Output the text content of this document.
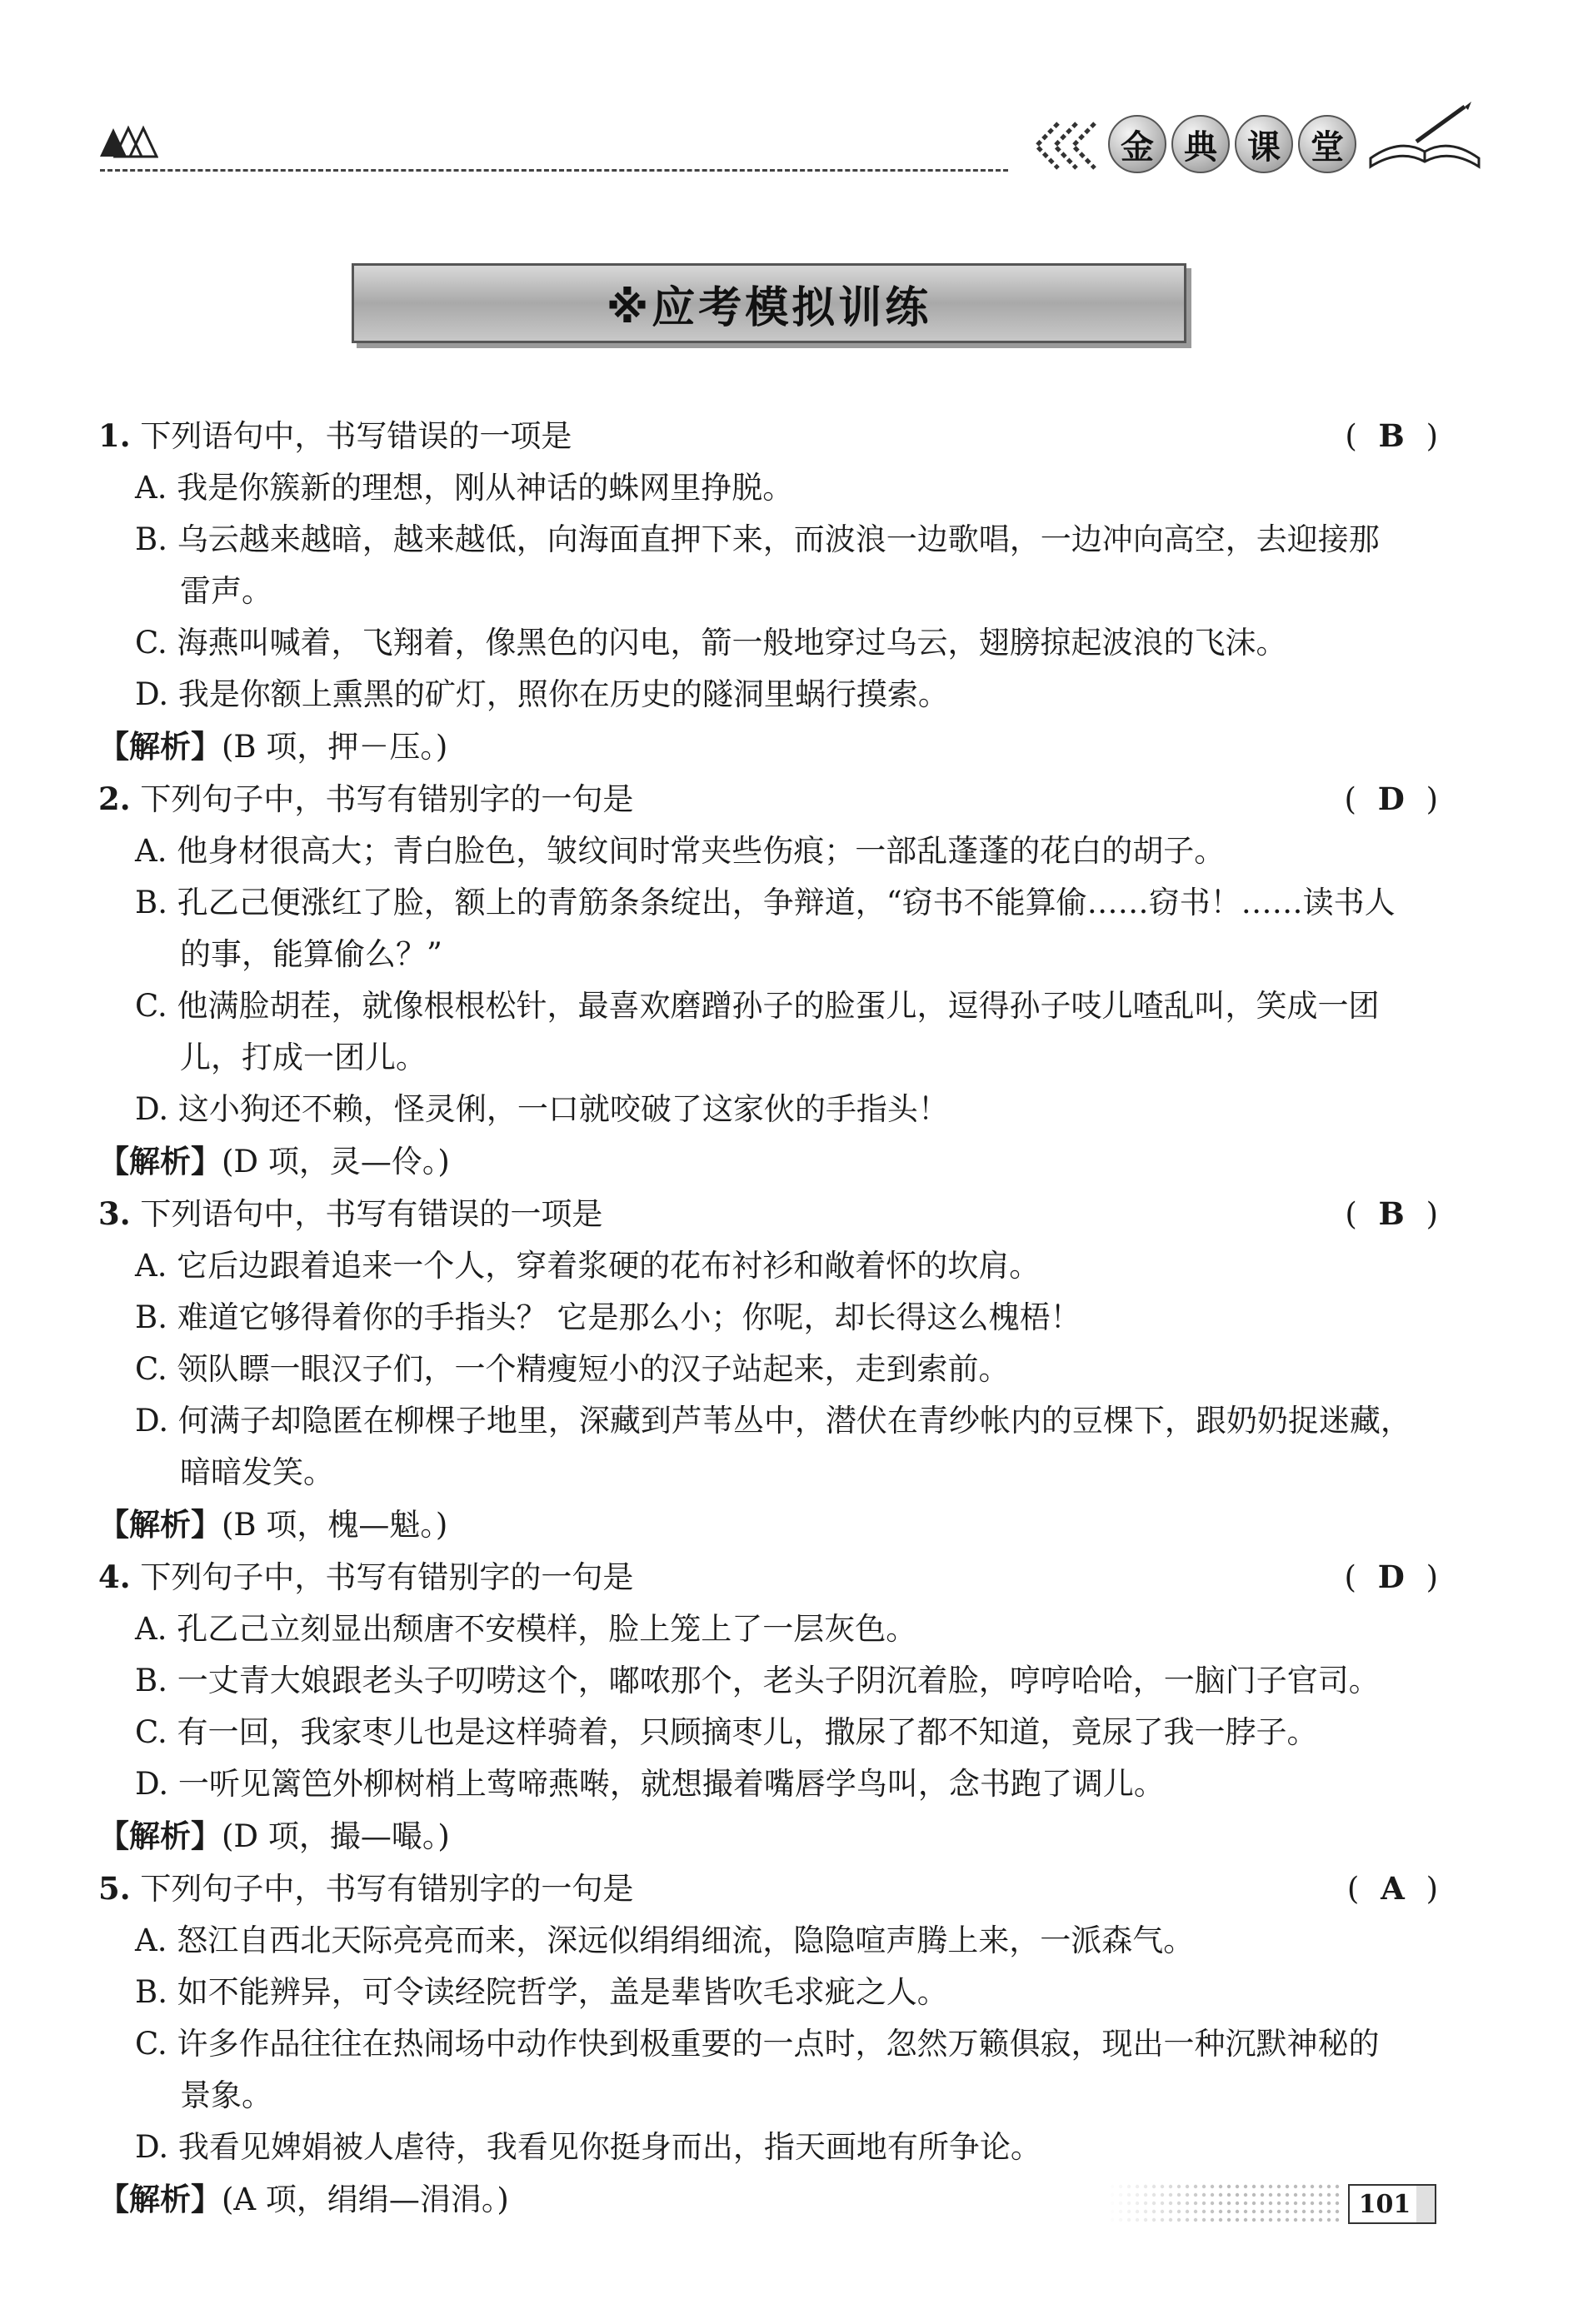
金 典 课 堂
※应考模拟训练
1. 下列语句中，书写错误的一项是	( B )
A. 我是你簇新的理想，刚从神话的蛛网里挣脱。
B. 乌云越来越暗，越来越低，向海面直押下来，而波浪一边歌唱，一边冲向高空，去迎接那
雷声。
C. 海燕叫喊着，飞翔着，像黑色的闪电，箭一般地穿过乌云，翅膀掠起波浪的飞沫。
D. 我是你额上熏黑的矿灯，照你在历史的隧洞里蜗行摸索。
【解析】(B 项，押－压。)
2. 下列句子中，书写有错别字的一句是	( D )
A. 他身材很高大；青白脸色，皱纹间时常夹些伤痕；一部乱蓬蓬的花白的胡子。
B. 孔乙己便涨红了脸，额上的青筋条条绽出，争辩道，“窃书不能算偷……窃书！……读书人
的事，能算偷么？”
C. 他满脸胡茬，就像根根松针，最喜欢磨蹭孙子的脸蛋儿，逗得孙子吱儿喳乱叫，笑成一团
儿，打成一团儿。
D. 这小狗还不赖，怪灵俐，一口就咬破了这家伙的手指头！
【解析】(D 项，灵—伶。)
3. 下列语句中，书写有错误的一项是	( B )
A. 它后边跟着追来一个人，穿着浆硬的花布衬衫和敞着怀的坎肩。
B. 难道它够得着你的手指头？ 它是那么小；你呢，却长得这么槐梧！
C. 领队瞟一眼汉子们，一个精瘦短小的汉子站起来，走到索前。
D. 何满子却隐匿在柳棵子地里，深藏到芦苇丛中，潜伏在青纱帐内的豆棵下，跟奶奶捉迷藏，
暗暗发笑。
【解析】(B 项，槐—魁。)
4. 下列句子中，书写有错别字的一句是	( D )
A. 孔乙己立刻显出颓唐不安模样，脸上笼上了一层灰色。
B. 一丈青大娘跟老头子叨唠这个，嘟哝那个，老头子阴沉着脸，哼哼哈哈，一脑门子官司。
C. 有一回，我家枣儿也是这样骑着，只顾摘枣儿，撒尿了都不知道，竟尿了我一脖子。
D. 一听见篱笆外柳树梢上莺啼燕啭，就想撮着嘴唇学鸟叫，念书跑了调儿。
【解析】(D 项，撮—嘬。)
5. 下列句子中，书写有错别字的一句是	( A )
A. 怒江自西北天际亮亮而来，深远似绢绢细流，隐隐喧声腾上来，一派森气。
B. 如不能辨异，可令读经院哲学，盖是辈皆吹毛求疵之人。
C. 许多作品往往在热闹场中动作快到极重要的一点时，忽然万籁俱寂，现出一种沉默神秘的
景象。
D. 我看见婢娟被人虐待，我看见你挺身而出，指天画地有所争论。
【解析】(A 项，绢绢—涓涓。)	101
